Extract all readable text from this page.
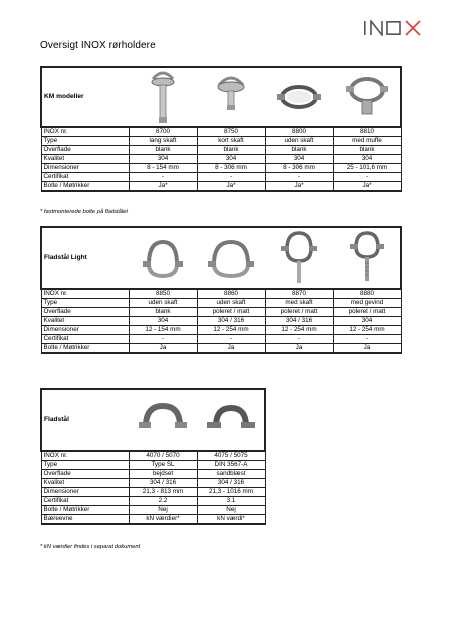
Oversigt INOX rørholdere
KM modeller	

INOX nr.	8700	8750	8800	8810
Type	lang skaft	kort skaft	uden skaft	med muffe
Overflade	blank	blank	blank	blank
Kvalitet	304	304	304	304
Dimensioner	8 - 154 mm	8 - 306 mm	8 - 306 mm	25 - 101,6 mm
Certifikat	-	-	-	-
Bolte / Møtrikker	Ja*	Ja*	Ja*	Ja*
* fastmonterede bolte på fladstålet
Fladstål Light	

INOX nr.	8850	8860	8870	8880
Type	uden skaft	uden skaft	med skaft	med gevind
Overflade	blank	poleret / matt	poleret / matt	poleret / matt
Kvalitet	304	304 / 316	304 / 316	304
Dimensioner	12 - 154 mm	12 - 254 mm	12 - 254 mm	12 - 254 mm
Certifikat	-	-	-	-
Bolte / Møtrikker	Ja	Ja	Ja	Ja
Fladstål	

INOX nr.	4070 / 5070	4075 / 5075
Type	Type SL	DIN 3567-A
Overflade	bejdset	sandblæst
Kvalitet	304 / 316	304 / 316
Dimensioner	21,3 - 813 mm	21,3 - 1016 mm
Certifikat	2.2	3.1
Bolte / Møtrikker	Nej	Nej
Bæreevne	kN værdier*	kN værdi*
* kN værdier findes i separat dokument
